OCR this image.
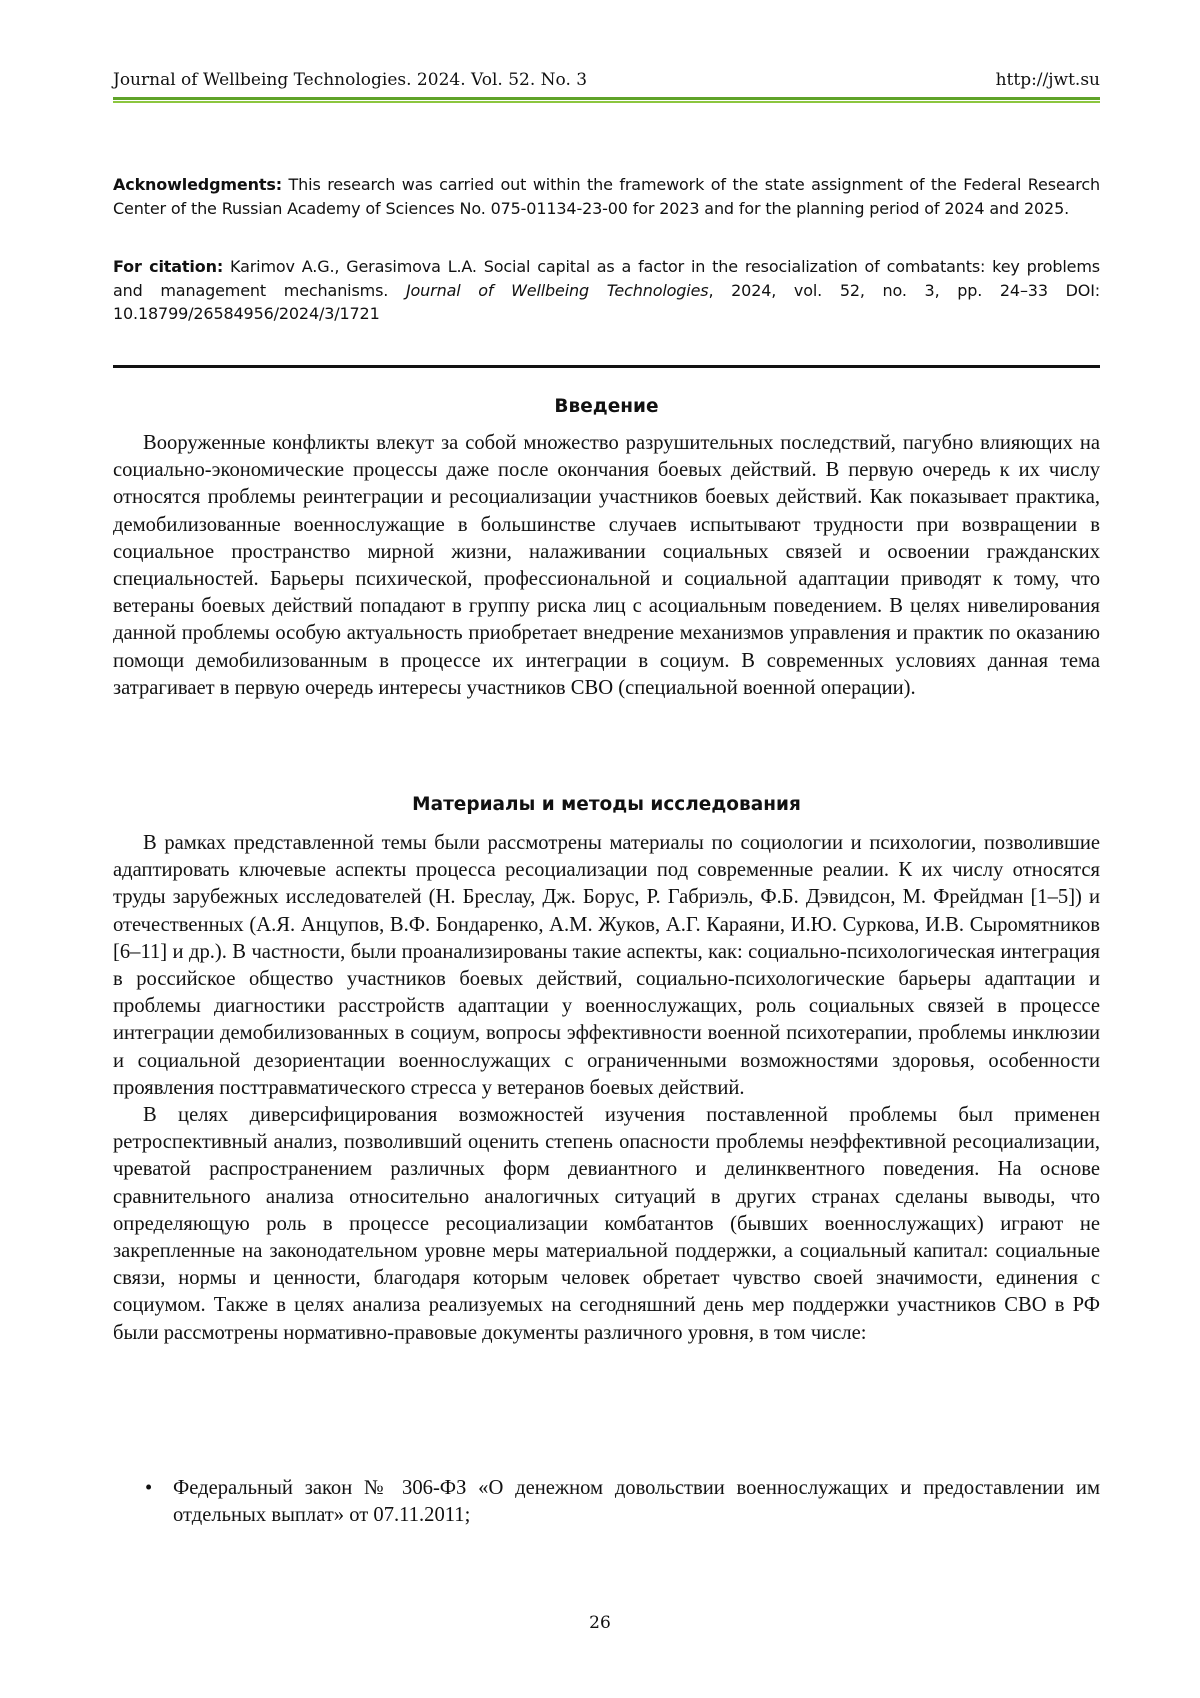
Journal of Wellbeing Technologies. 2024. Vol. 52. No. 3	http://jwt.su
Acknowledgments: This research was carried out within the framework of the state assignment of the Federal Research Center of the Russian Academy of Sciences No. 075-01134-23-00 for 2023 and for the planning period of 2024 and 2025.
For citation: Karimov A.G., Gerasimova L.A. Social capital as a factor in the resocialization of combatants: key problems and management mechanisms. Journal of Wellbeing Technologies, 2024, vol. 52, no. 3, pp. 24–33 DOI: 10.18799/26584956/2024/3/1721
Введение

Вооруженные конфликты влекут за собой множество разрушительных последствий, пагубно влияющих на социально-экономические процессы даже после окончания боевых действий. В первую очередь к их числу относятся проблемы реинтеграции и ресоциализации участников боевых действий. Как показывает практика, демобилизованные военнослужащие в большинстве случаев испытывают трудности при возвращении в социальное пространство мирной жизни, налаживании социальных связей и освоении гражданских специальностей. Барьеры психической, профессиональной и социальной адаптации приводят к тому, что ветераны боевых действий попадают в группу риска лиц с асоциальным поведением. В целях нивелирования данной проблемы особую актуальность приобретает внедрение механизмов управления и практик по оказанию помощи демобилизованным в процессе их интеграции в социум. В современных условиях данная тема затрагивает в первую очередь интересы участников СВО (специальной военной операции).

Материалы и методы исследования

В рамках представленной темы были рассмотрены материалы по социологии и психологии, позволившие адаптировать ключевые аспекты процесса ресоциализации под современные реалии. К их числу относятся труды зарубежных исследователей (Н. Бреслау, Дж. Борус, Р. Габриэль, Ф.Б. Дэвидсон, М. Фрейдман [1–5]) и отечественных (А.Я. Анцупов, В.Ф. Бондаренко, А.М. Жуков, А.Г. Караяни, И.Ю. Суркова, И.В. Сыромятников [6–11] и др.). В частности, были проанализированы такие аспекты, как: социально-психологическая интеграция в российское общество участников боевых действий, социально-психологические барьеры адаптации и проблемы диагностики расстройств адаптации у военнослужащих, роль социальных связей в процессе интеграции демобилизованных в социум, вопросы эффективности военной психотерапии, проблемы инклюзии и социальной дезориентации военнослужащих с ограниченными возможностями здоровья, особенности проявления посттравматического стресса у ветеранов боевых действий.

В целях диверсифицирования возможностей изучения поставленной проблемы был применен ретроспективный анализ, позволивший оценить степень опасности проблемы неэффективной ресоциализации, чреватой распространением различных форм девиантного и делинквентного поведения. На основе сравнительного анализа относительно аналогичных ситуаций в других странах сделаны выводы, что определяющую роль в процессе ресоциализации комбатантов (бывших военнослужащих) играют не закрепленные на законодательном уровне меры материальной поддержки, а социальный капитал: социальные связи, нормы и ценности, благодаря которым человек обретает чувство своей значимости, единения с социумом. Также в целях анализа реализуемых на сегодняшний день мер поддержки участников СВО в РФ были рассмотрены нормативно-правовые документы различного уровня, в том числе:

• Федеральный закон № 306-ФЗ «О денежном довольствии военнослужащих и предоставлении им отдельных выплат» от 07.11.2011;
26
